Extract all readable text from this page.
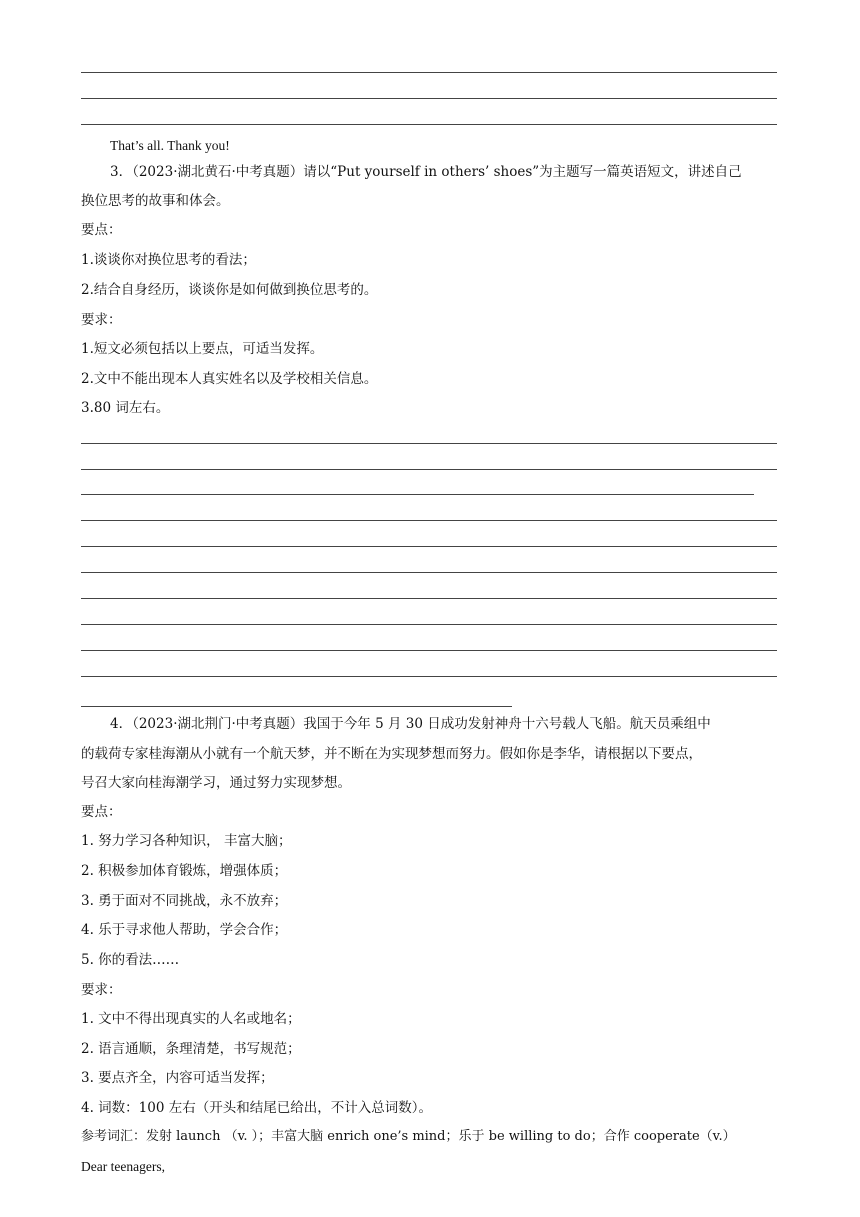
That’s all. Thank you!
3．（2023·湖北黄石·中考真题）请以“Put yourself in others’ shoes”为主题写一篇英语短文，讲述自己
换位思考的故事和体会。
要点：
1.谈谈你对换位思考的看法；
2.结合自身经历，谈谈你是如何做到换位思考的。
要求：
1.短文必须包括以上要点，可适当发挥。
2.文中不能出现本人真实姓名以及学校相关信息。
3.80 词左右。
4．（2023·湖北荆门·中考真题）我国于今年 5 月 30 日成功发射神舟十六号载人飞船。航天员乘组中
的载荷专家桂海潮从小就有一个航天梦，并不断在为实现梦想而努力。假如你是李华，请根据以下要点，
号召大家向桂海潮学习，通过努力实现梦想。
要点：
1. 努力学习各种知识， 丰富大脑；
2. 积极参加体育锻炼，增强体质；
3. 勇于面对不同挑战，永不放弃；
4. 乐于寻求他人帮助，学会合作；
5. 你的看法……
要求：
1. 文中不得出现真实的人名或地名；
2. 语言通顺，条理清楚，书写规范；
3. 要点齐全，内容可适当发挥；
4. 词数：100 左右（开头和结尾已给出，不计入总词数）。
参考词汇：发射 launch （v. ）；丰富大脑 enrich one’s mind；乐于 be willing to do；合作 cooperate（v.）
Dear teenagers,
